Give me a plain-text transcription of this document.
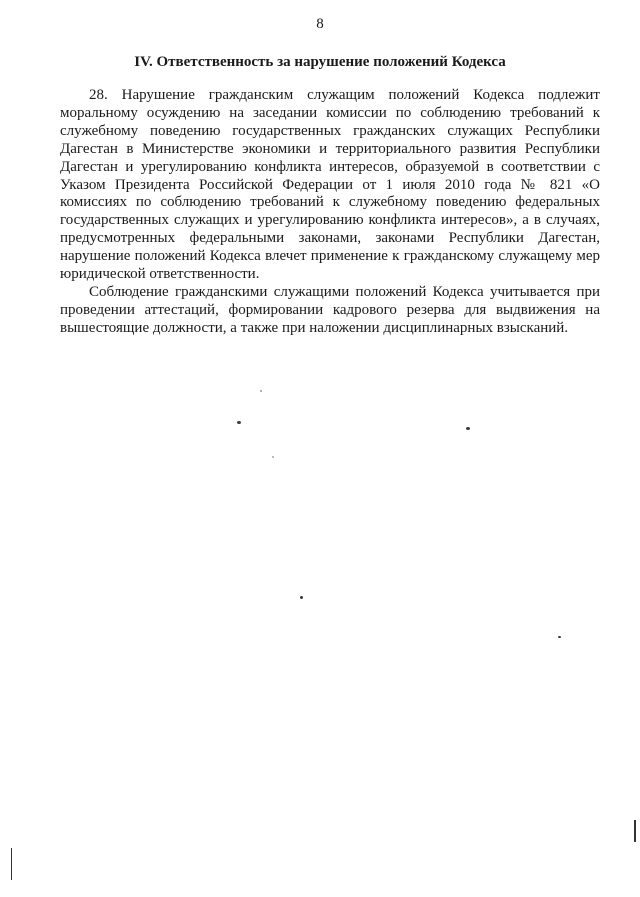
8
IV. Ответственность за нарушение положений Кодекса

28. Нарушение гражданским служащим положений Кодекса подлежит моральному осуждению на заседании комиссии по соблюдению требований к служебному поведению государственных гражданских служащих Республики Дагестан в Министерстве экономики и территориального развития Республики Дагестан и урегулированию конфликта интересов, образуемой в соответствии с Указом Президента Российской Федерации от 1 июля 2010 года № 821 «О комиссиях по соблюдению требований к служебному поведению федеральных государственных служащих и урегулированию конфликта интересов», а в случаях, предусмотренных федеральными законами, законами Республики Дагестан, нарушение положений Кодекса влечет применение к гражданскому служащему мер юридической ответственности.

Соблюдение гражданскими служащими положений Кодекса учитывается при проведении аттестаций, формировании кадрового резерва для выдвижения на вышестоящие должности, а также при наложении дисциплинарных взысканий.
